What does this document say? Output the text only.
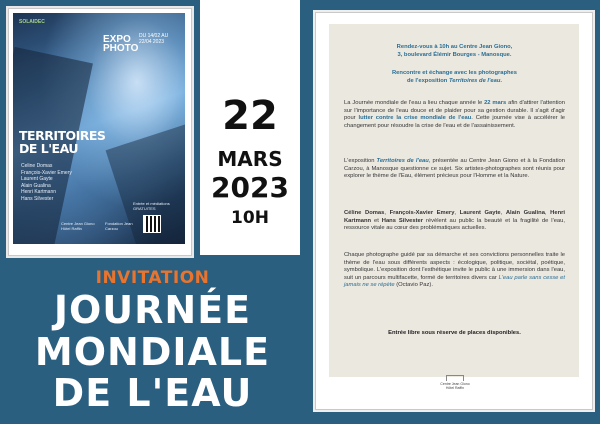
SOLAIDEC
EXPO PHOTO
DU 14/02 AU 22/04 2023
TERRITOIRES
DE L'EAU
Celine Domas
François-Xavier Emery
Laurent Gayte
Alain Gualina
Henri Kartmann
Hans Silvester
Entrée et médiations GRATUITES
Centre Jean Giono Hôtel Raffin
Fondation Jean Carzou
22
MARS
2023
10H
INVITATION
JOURNÉE
MONDIALE
DE L'EAU
Rendez-vous à 10h au Centre Jean Giono,
3, boulevard Élémir Bourges - Manosque.
Rencontre et échange avec les photographes
de l'exposition Territoires de l'eau.
La Journée mondiale de l'eau a lieu chaque année le 22 mars afin d'attirer l'attention sur l'importance de l'eau douce et de plaider pour sa gestion durable. Il s'agit d'agir pour lutter contre la crise mondiale de l'eau. Cette journée vise à accélérer le changement pour résoudre la crise de l'eau et de l'assainissement.
L'exposition Territoires de l'eau, présentée au Centre Jean Giono et à la Fondation Carzou, à Manosque questionne ce sujet. Six artistes-photographes sont réunis pour explorer le thème de l'Eau, élément précieux pour l'Homme et la Nature.
Céline Domas, François-Xavier Emery, Laurent Gayte, Alain Gualina, Henri Kartmann et Hans Silvester révèlent au public la beauté et la fragilité de l'eau, ressource vitale au cœur des problématiques actuelles.
Chaque photographe guidé par sa démarche et ses convictions personnelles traite le thème de l'eau sous différents aspects : écologique, politique, sociétal, poétique, symbolique. L'exposition dont l'esthétique invite le public à une immersion dans l'eau, suit un parcours multifacette, formé de territoires divers car L'eau parle sans cesse et jamais ne se répète (Octavio Paz).
Entrée libre sous réserve de places disponibles.
Centre Jean Giono
Hôtel Raffin
